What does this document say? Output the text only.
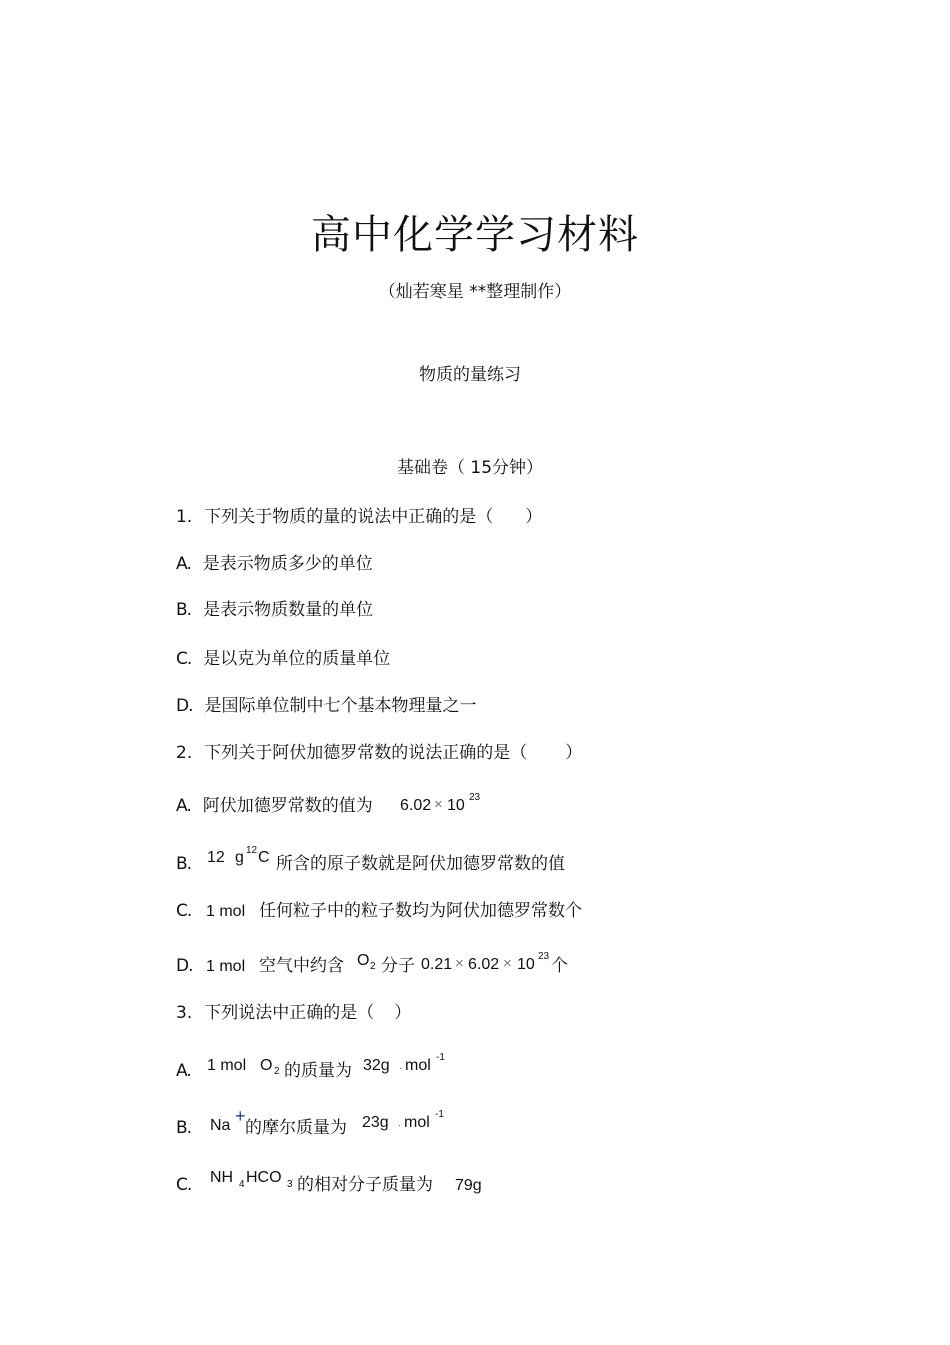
高中化学学习材料
（灿若寒星 **整理制作）
物质的量练习
基础卷（ 15分钟）
1. 下列关于物质的量的说法中正确的是（ ）
A. 是表示物质多少的单位
B. 是表示物质数量的单位
C. 是以克为单位的质量单位
D. 是国际单位制中七个基本物理量之一
2. 下列关于阿伏加德罗常数的说法正确的是（ ）
A. 阿伏加德罗常数的值为 6.02 × 10 23
B. 12 g 12 C 所含的原子数就是阿伏加德罗常数的值
C. 1 mol 任何粒子中的粒子数均为阿伏加德罗常数个
D. 1 mol 空气中约含 O 2 分子 0.21 × 6.02 × 10 23 个
3. 下列说法中正确的是（ ）
A. 1 mol O 2 的质量为 32g · mol -1
B. Na +
的摩尔质量为 23g · mol -1
C. NH 4 HCO 3 的相对分子质量为 79g
